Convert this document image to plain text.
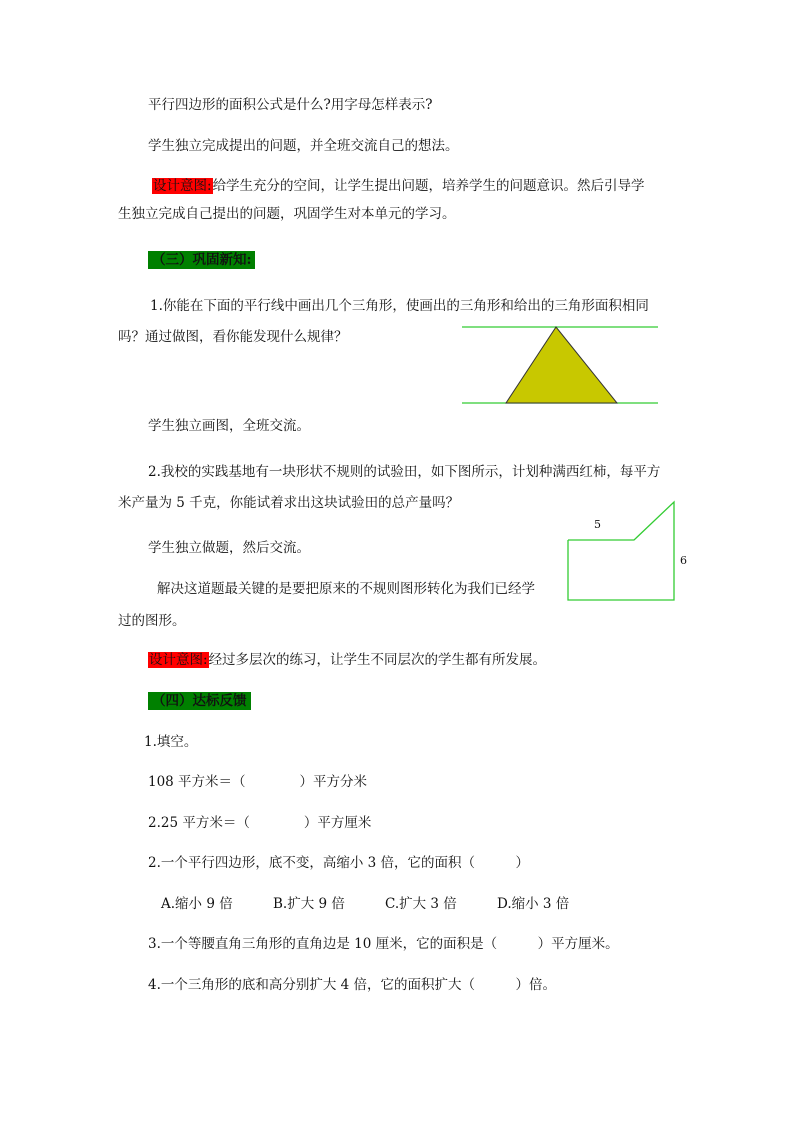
平行四边形的面积公式是什么?用字母怎样表示?
学生独立完成提出的问题，并全班交流自己的想法。
设计意图:给学生充分的空间，让学生提出问题，培养学生的问题意识。然后引导学
生独立完成自己提出的问题，巩固学生对本单元的学习。
（三）巩固新知:
1.你能在下面的平行线中画出几个三角形，使画出的三角形和给出的三角形面积相同
吗？通过做图，看你能发现什么规律？
学生独立画图，全班交流。
2.我校的实践基地有一块形状不规则的试验田，如下图所示，计划种满西红柿，每平方
米产量为 5 千克，你能试着求出这块试验田的总产量吗？
学生独立做题，然后交流。
解决这道题最关键的是要把原来的不规则图形转化为我们已经学
过的图形。
5
6
设计意图:经过多层次的练习，让学生不同层次的学生都有所发展。
（四）达标反馈
1.填空。
108 平方米＝（　　　　）平方分米
2.25 平方米＝（　　　　）平方厘米
2.一个平行四边形，底不变，高缩小 3 倍，它的面积（　　　）
A.缩小 9 倍	B.扩大 9 倍	C.扩大 3 倍	D.缩小 3 倍
3.一个等腰直角三角形的直角边是 10 厘米，它的面积是（　　　）平方厘米。
4.一个三角形的底和高分别扩大 4 倍，它的面积扩大（　　　）倍。
